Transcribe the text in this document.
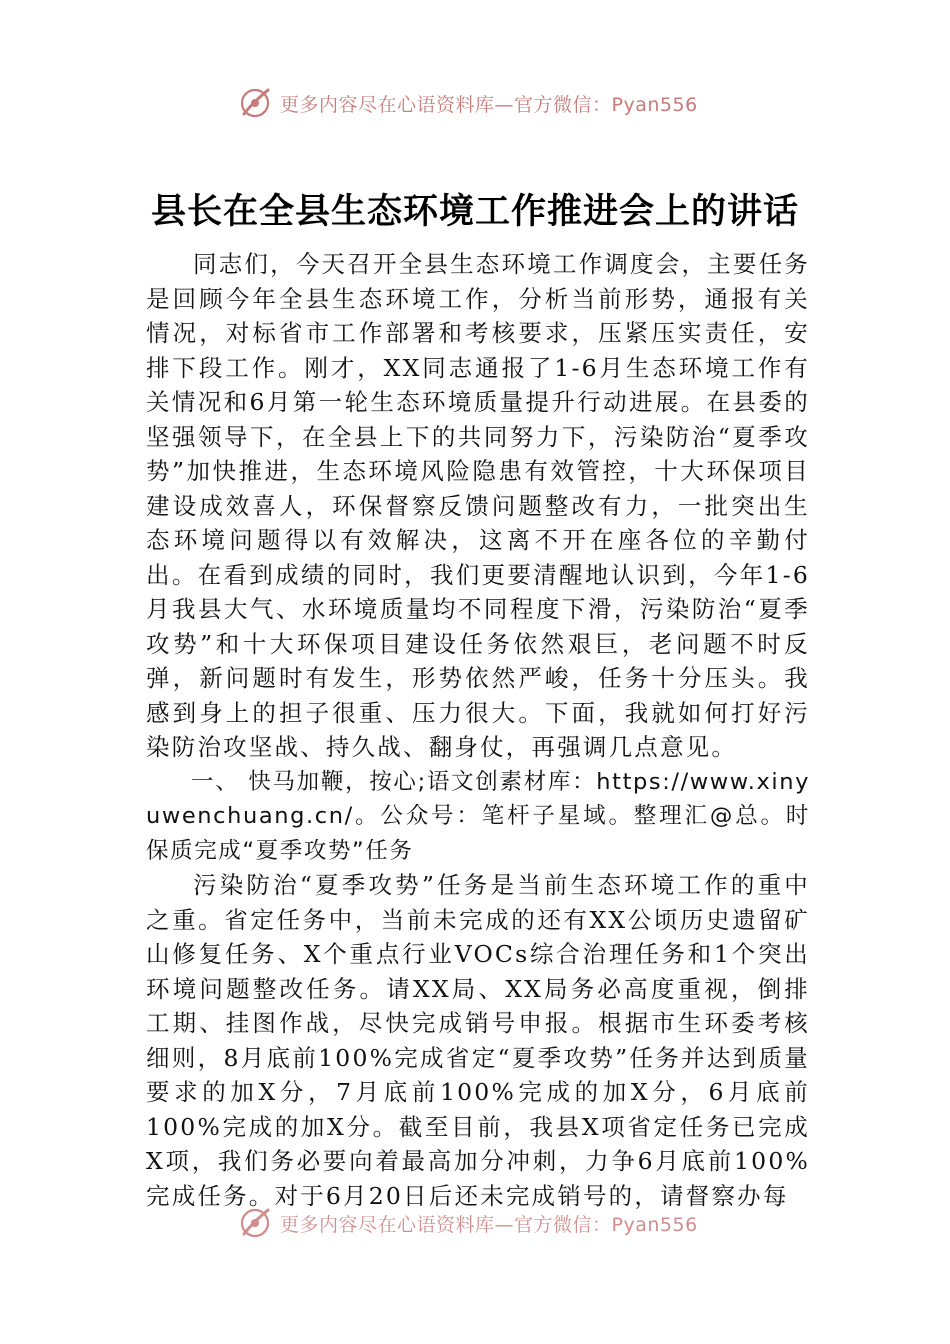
更多内容尽在心语资料库—官方微信：Pyan556
县长在全县生态环境工作推进会上的讲话

同志们，今天召开全县生态环境工作调度会，主要任务是回顾今年全县生态环境工作，分析当前形势，通报有关情况，对标省市工作部署和考核要求，压紧压实责任，安排下段工作。刚才，XX同志通报了1-6月生态环境工作有关情况和6月第一轮生态环境质量提升行动进展。在县委的坚强领导下，在全县上下的共同努力下，污染防治“夏季攻势”加快推进，生态环境风险隐患有效管控，十大环保项目建设成效喜人，环保督察反馈问题整改有力，一批突出生态环境问题得以有效解决，这离不开在座各位的辛勤付出。在看到成绩的同时，我们更要清醒地认识到，今年1-6月我县大气、水环境质量均不同程度下滑，污染防治“夏季攻势”和十大环保项目建设任务依然艰巨，老问题不时反弹，新问题时有发生，形势依然严峻，任务十分压头。我感到身上的担子很重、压力很大。下面，我就如何打好污染防治攻坚战、持久战、翻身仗，再强调几点意见。

一、 快马加鞭，按心;语文创素材库：https://www.xinyuwenchuang.cn/。公众号：笔杆子星域。整理汇@总。时保质完成“夏季攻势”任务

污染防治“夏季攻势”任务是当前生态环境工作的重中之重。省定任务中，当前未完成的还有XX公顷历史遗留矿山修复任务、X个重点行业VOCs综合治理任务和1个突出环境问题整改任务。请XX局、XX局务必高度重视，倒排工期、挂图作战，尽快完成销号申报。根据市生环委考核细则，8月底前100%完成省定“夏季攻势”任务并达到质量要求的加X分，7月底前100%完成的加X分，6月底前100%完成的加X分。截至目前，我县X项省定任务已完成X项，我们务必要向着最高加分冲刺，力争6月底前100%完成任务。对于6月20日后还未完成销号的，请督察办每

更多内容尽在心语资料库—官方微信：Pyan556
